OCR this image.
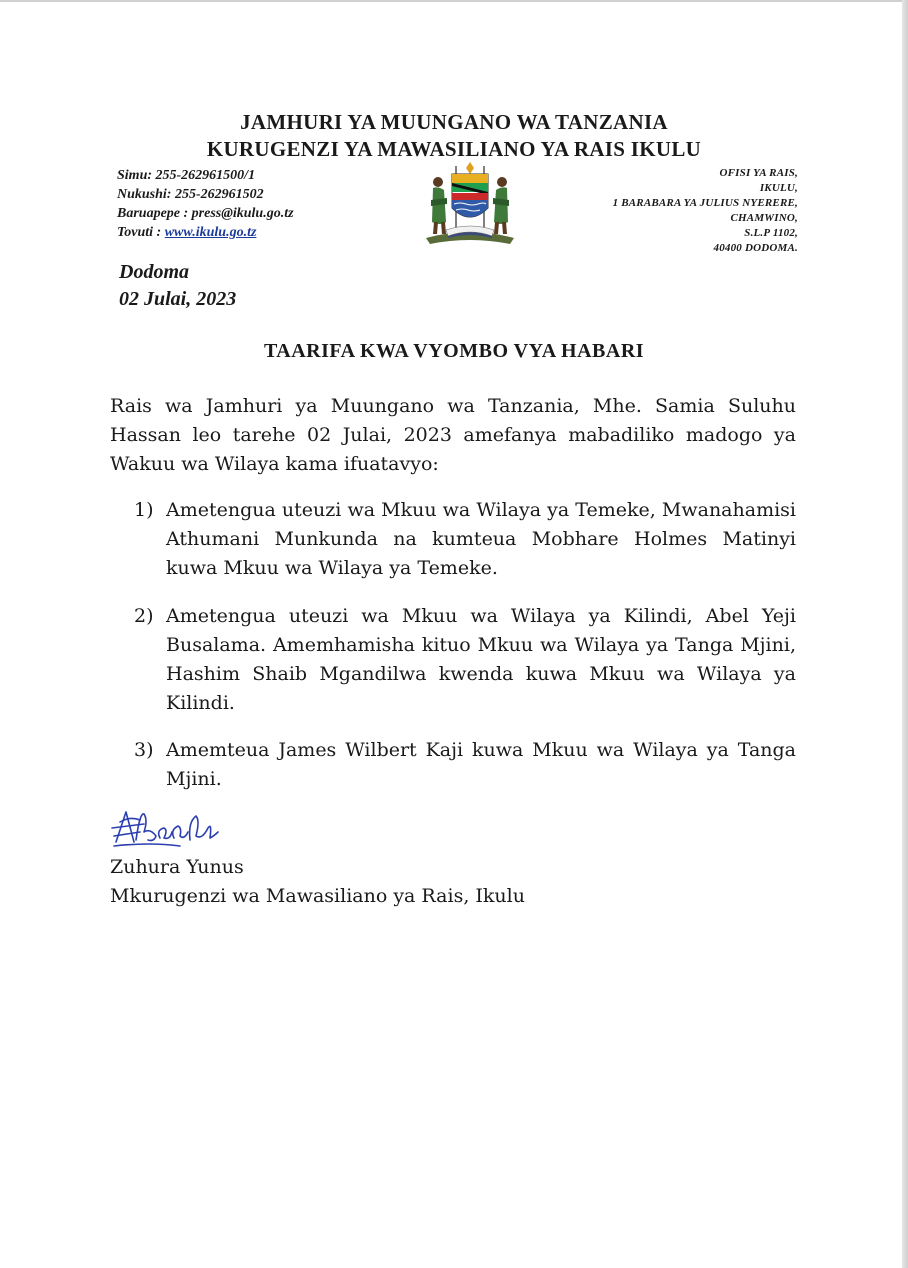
JAMHURI YA MUUNGANO WA TANZANIA
KURUGENZI YA MAWASILIANO YA RAIS IKULU
Simu: 255-262961500/1
Nukushi: 255-262961502
Baruapepe : press@ikulu.go.tz
Tovuti : www.ikulu.go.tz
OFISI YA RAIS,
IKULU,
1 BARABARA YA JULIUS NYERERE,
CHAMWINO,
S.L.P 1102,
40400 DODOMA.
Dodoma
02 Julai, 2023
TAARIFA KWA VYOMBO VYA HABARI

Rais wa Jamhuri ya Muungano wa Tanzania, Mhe. Samia Suluhu Hassan leo tarehe 02 Julai, 2023 amefanya mabadiliko madogo ya Wakuu wa Wilaya kama ifuatavyo:

1) Ametengua uteuzi wa Mkuu wa Wilaya ya Temeke, Mwanahamisi Athumani Munkunda na kumteua Mobhare Holmes Matinyi kuwa Mkuu wa Wilaya ya Temeke.
2) Ametengua uteuzi wa Mkuu wa Wilaya ya Kilindi, Abel Yeji Busalama. Amemhamisha kituo Mkuu wa Wilaya ya Tanga Mjini, Hashim Shaib Mgandilwa kwenda kuwa Mkuu wa Wilaya ya Kilindi.
3) Amemteua James Wilbert Kaji kuwa Mkuu wa Wilaya ya Tanga Mjini.
Zuhura Yunus
Mkurugenzi wa Mawasiliano ya Rais, Ikulu
